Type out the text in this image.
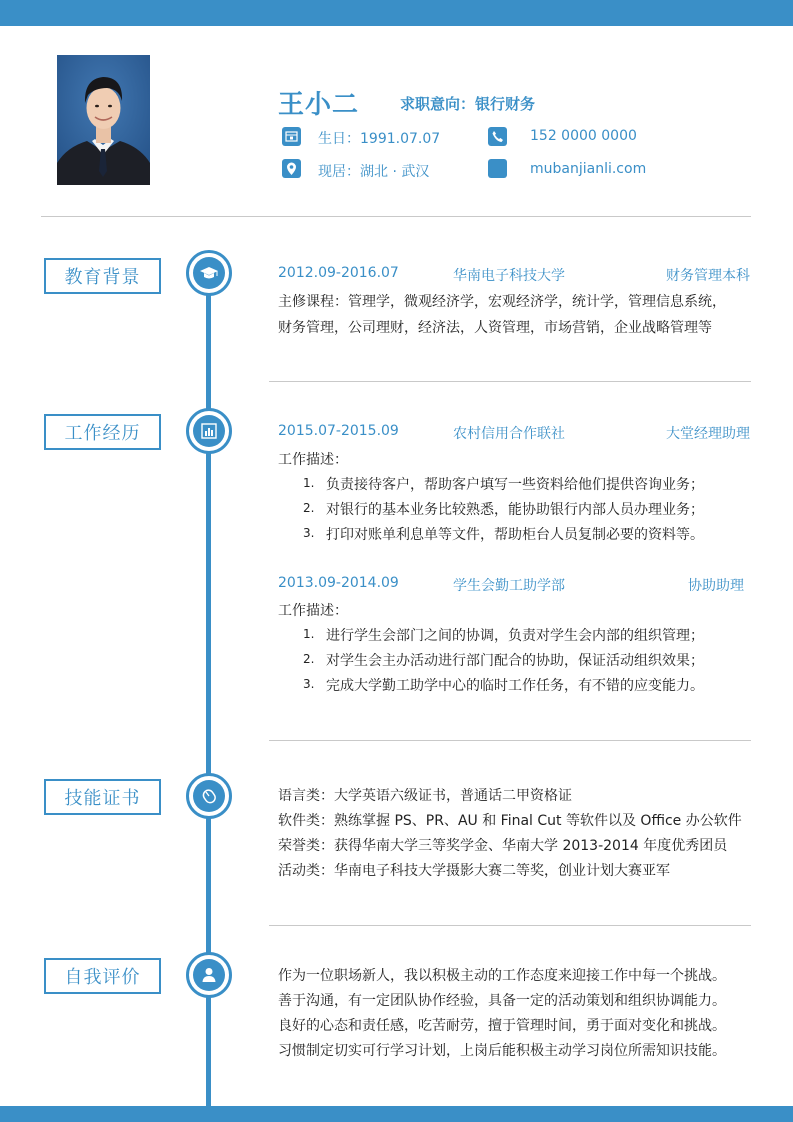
王小二	求职意向：银行财务
生日：1991.07.07	152 0000 0000
现居：湖北 · 武汉	mubanjianli.com
教育背景	2012.09-2016.07	华南电子科技大学	财务管理本科
主修课程：管理学，微观经济学，宏观经济学，统计学，管理信息系统，
财务管理，公司理财，经济法，人资管理，市场营销，企业战略管理等
工作经历	2015.07-2015.09	农村信用合作联社	大堂经理助理
工作描述：
1. 负责接待客户，帮助客户填写一些资料给他们提供咨询业务；
2. 对银行的基本业务比较熟悉，能协助银行内部人员办理业务；
3. 打印对账单利息单等文件，帮助柜台人员复制必要的资料等。
2013.09-2014.09	学生会勤工助学部	协助助理
工作描述：
1. 进行学生会部门之间的协调，负责对学生会内部的组织管理；
2. 对学生会主办活动进行部门配合的协助，保证活动组织效果；
3. 完成大学勤工助学中心的临时工作任务，有不错的应变能力。
技能证书	语言类：大学英语六级证书，普通话二甲资格证
软件类：熟练掌握 PS、PR、AU 和 Final Cut 等软件以及 Office 办公软件
荣誉类：获得华南大学三等奖学金、华南大学 2013-2014 年度优秀团员
活动类：华南电子科技大学摄影大赛二等奖，创业计划大赛亚军
自我评价	作为一位职场新人，我以积极主动的工作态度来迎接工作中每一个挑战。
善于沟通，有一定团队协作经验，具备一定的活动策划和组织协调能力。
良好的心态和责任感，吃苦耐劳，擅于管理时间，勇于面对变化和挑战。
习惯制定切实可行学习计划，上岗后能积极主动学习岗位所需知识技能。
